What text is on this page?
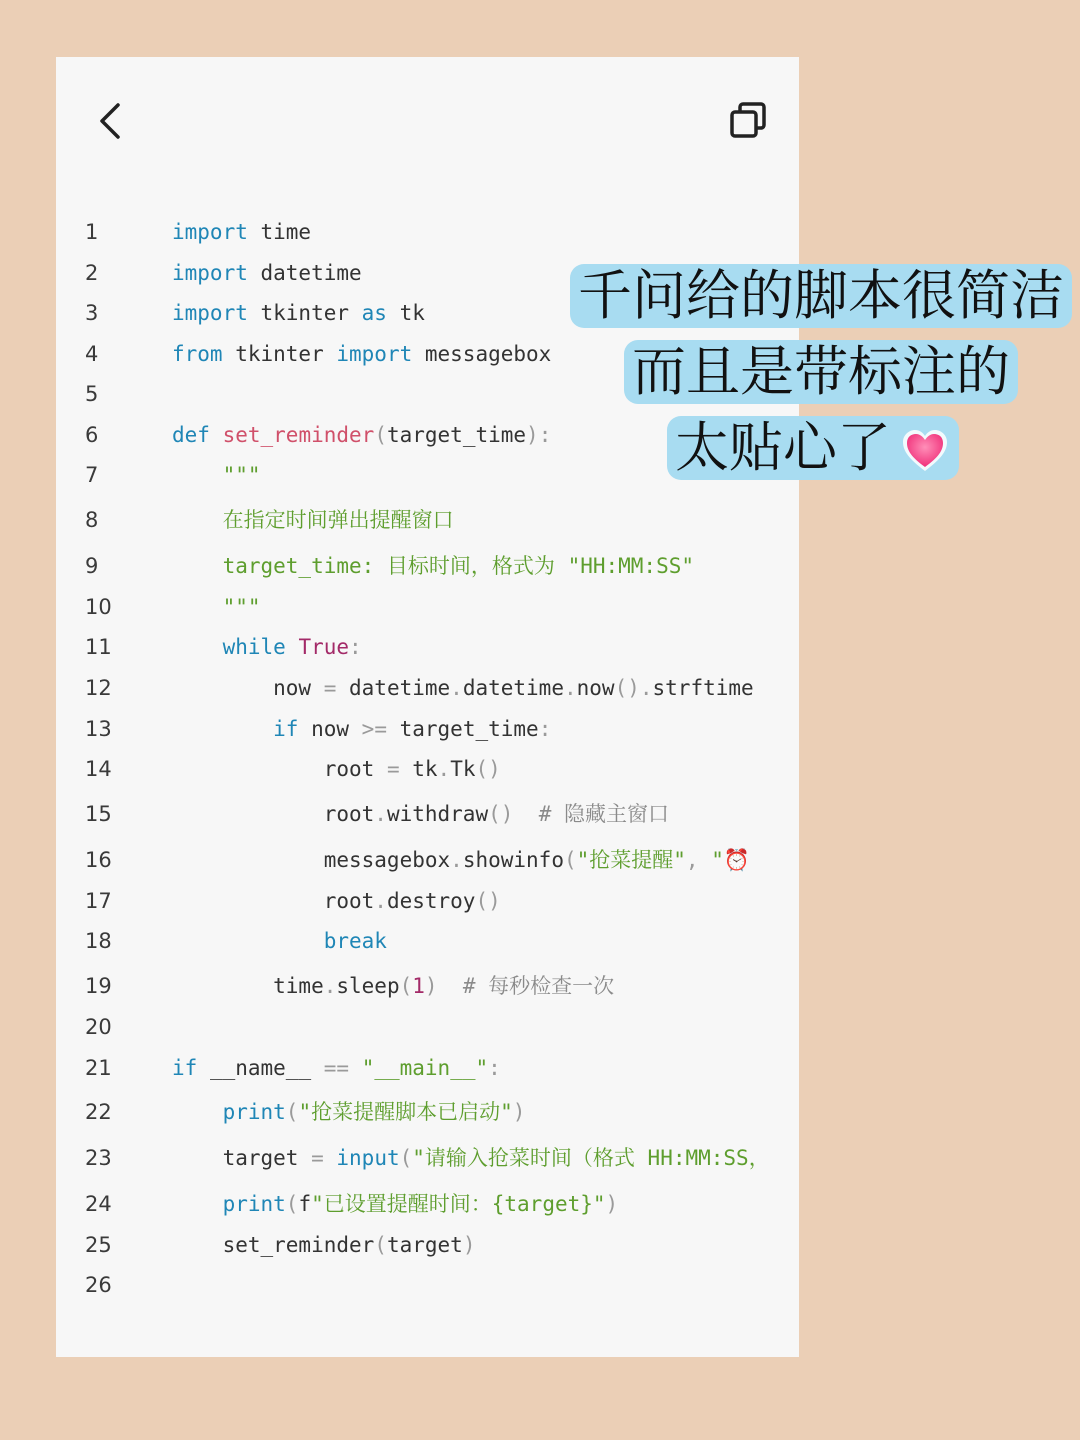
1	import time
2	import datetime
3	import tkinter as tk
4	from tkinter import messagebox
5
6	def set_reminder(target_time):
7	"""
8	在指定时间弹出提醒窗口
9	target_time: 目标时间，格式为 "HH:MM:SS"
10	"""
11	while True:
12	now = datetime.datetime.now().strftime
13	if now >= target_time:
14	root = tk.Tk()
15	root.withdraw()  # 隐藏主窗口
16	messagebox.showinfo("抢菜提醒", "⏰
17	root.destroy()
18	break
19	time.sleep(1)  # 每秒检查一次
20
21	if __name__ == "__main__":
22	print("抢菜提醒脚本已启动")
23	target = input("请输入抢菜时间（格式 HH:MM:SS，
24	print(f"已设置提醒时间：{target}")
25	set_reminder(target)
26
千问给的脚本很简洁
而且是带标注的
太贴心了
